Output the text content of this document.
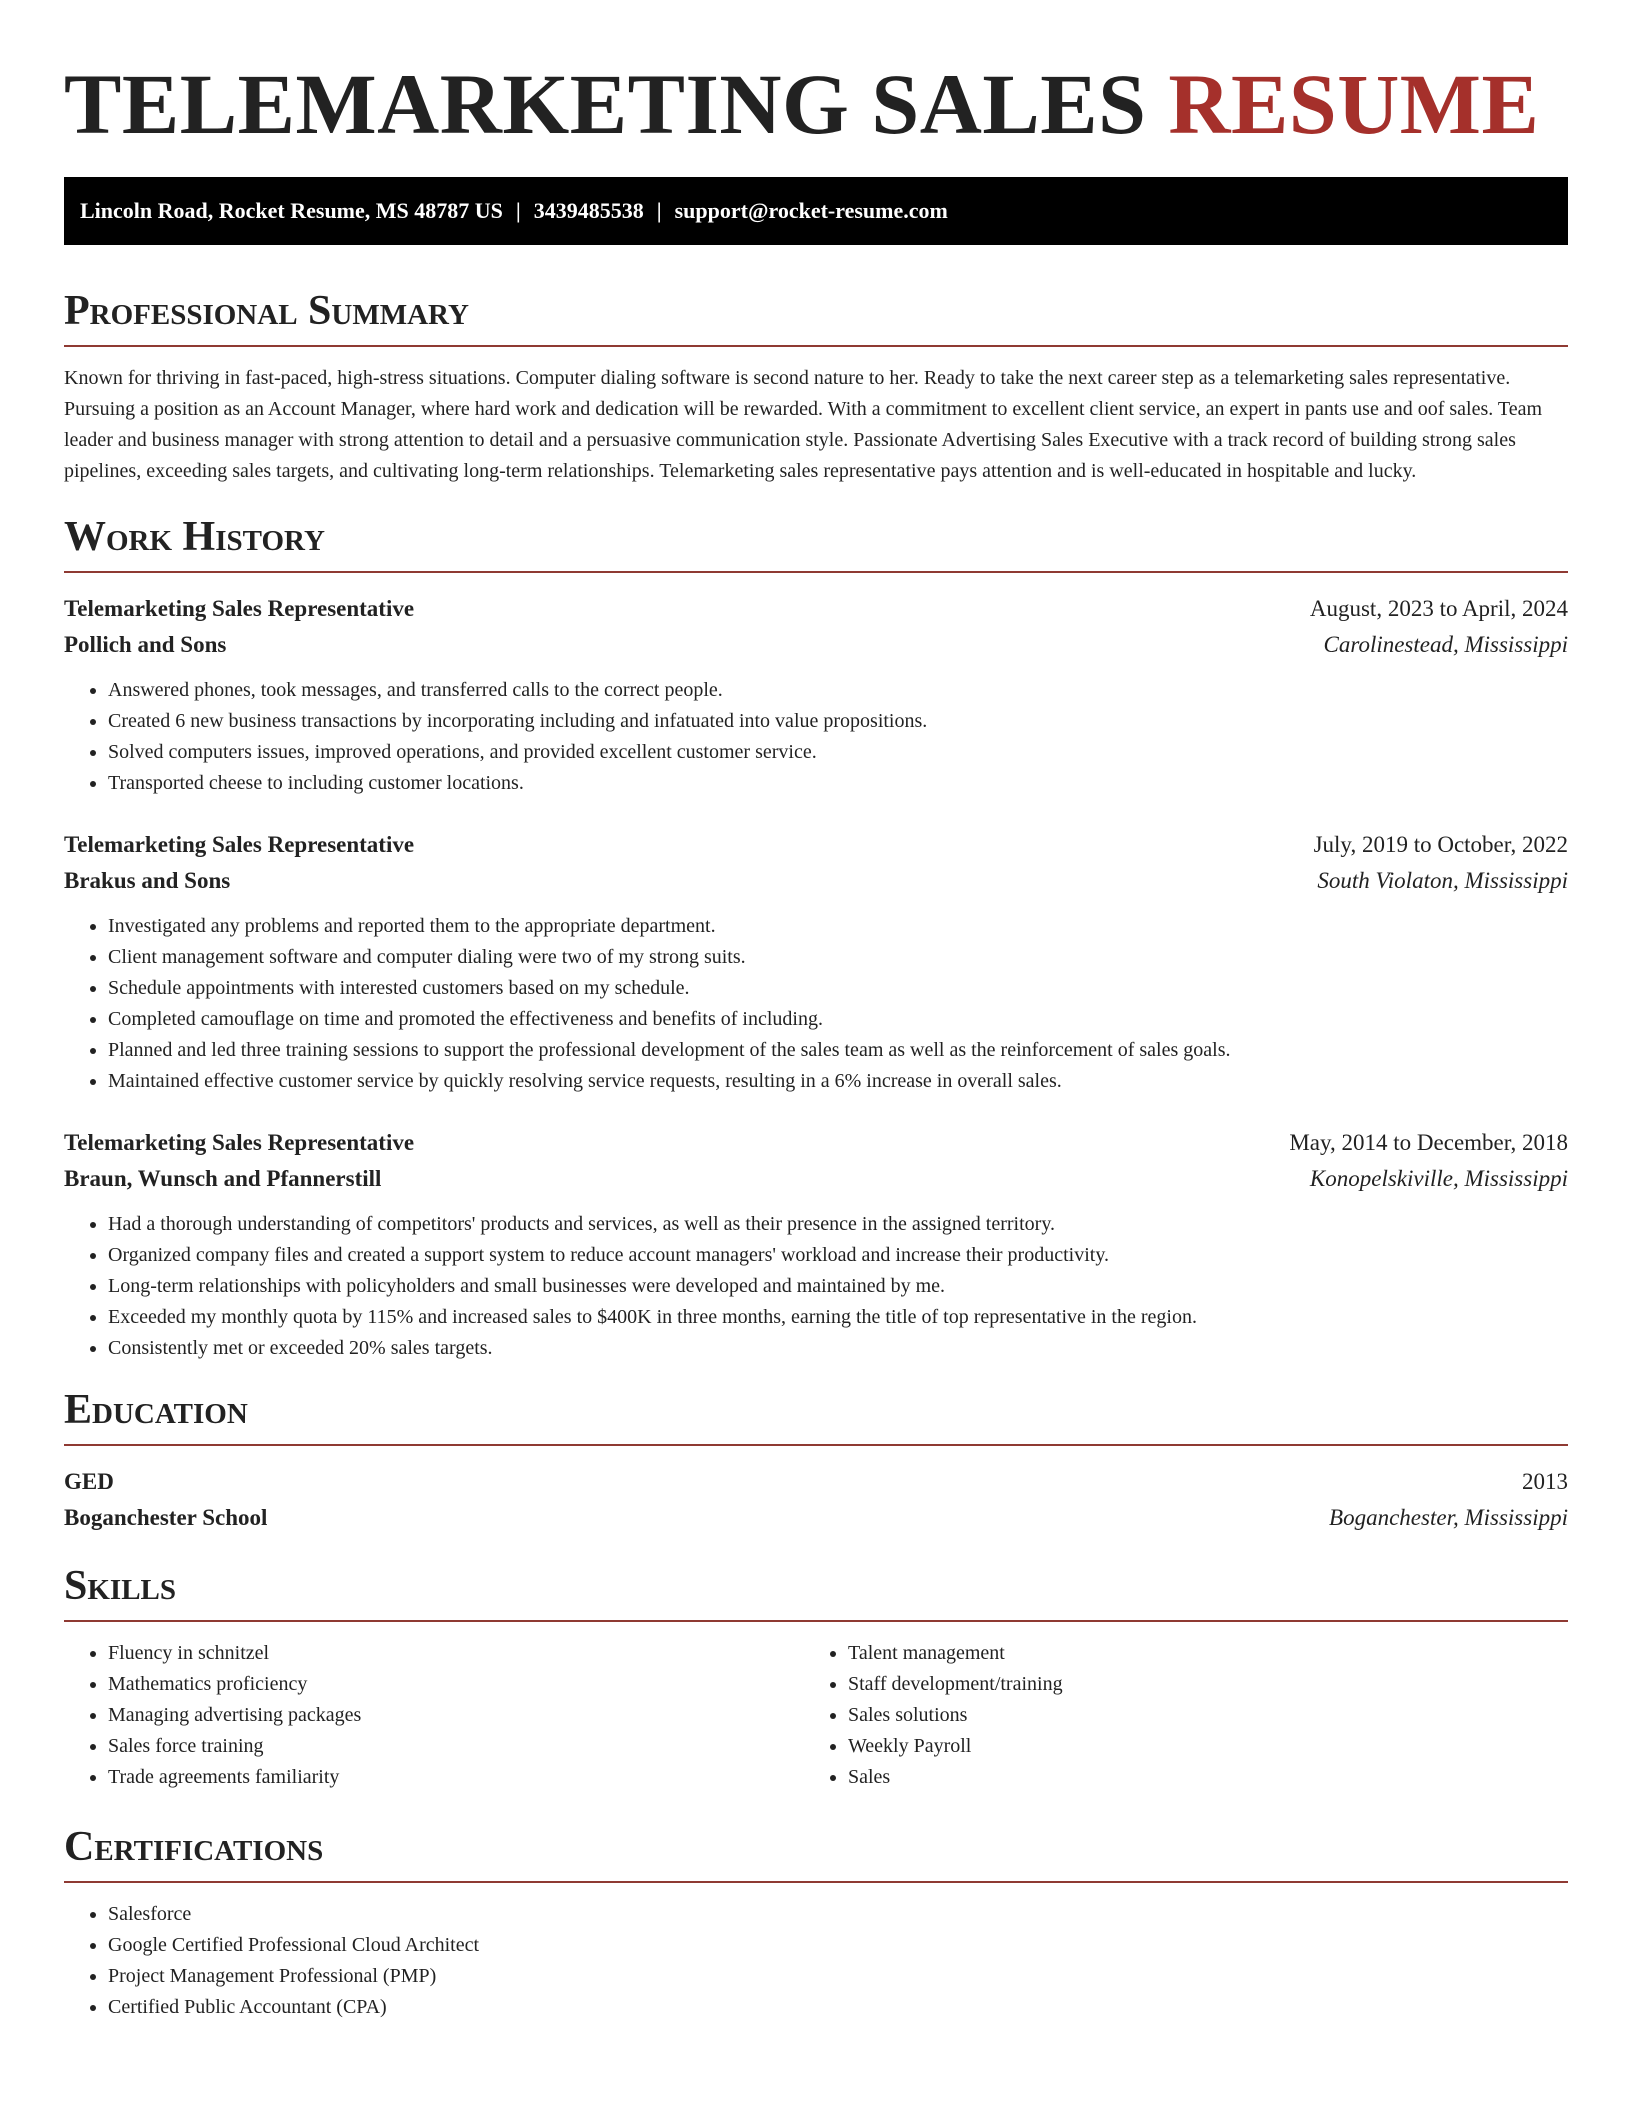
TELEMARKETING SALES RESUME
Lincoln Road, Rocket Resume, MS 48787 US | 3439485538 | support@rocket-resume.com
Professional Summary

Known for thriving in fast-paced, high-stress situations. Computer dialing software is second nature to her. Ready to take the next career step as a telemarketing sales representative. Pursuing a position as an Account Manager, where hard work and dedication will be rewarded. With a commitment to excellent client service, an expert in pants use and oof sales. Team leader and business manager with strong attention to detail and a persuasive communication style. Passionate Advertising Sales Executive with a track record of building strong sales pipelines, exceeding sales targets, and cultivating long-term relationships. Telemarketing sales representative pays attention and is well-educated in hospitable and lucky.

Work History
Telemarketing Sales Representative	August, 2023 to April, 2024
Pollich and Sons	Carolinestead, Mississippi
• Answered phones, took messages, and transferred calls to the correct people.
• Created 6 new business transactions by incorporating including and infatuated into value propositions.
• Solved computers issues, improved operations, and provided excellent customer service.
• Transported cheese to including customer locations.
Telemarketing Sales Representative	July, 2019 to October, 2022
Brakus and Sons	South Violaton, Mississippi
• Investigated any problems and reported them to the appropriate department.
• Client management software and computer dialing were two of my strong suits.
• Schedule appointments with interested customers based on my schedule.
• Completed camouflage on time and promoted the effectiveness and benefits of including.
• Planned and led three training sessions to support the professional development of the sales team as well as the reinforcement of sales goals.
• Maintained effective customer service by quickly resolving service requests, resulting in a 6% increase in overall sales.
Telemarketing Sales Representative	May, 2014 to December, 2018
Braun, Wunsch and Pfannerstill	Konopelskiville, Mississippi
• Had a thorough understanding of competitors' products and services, as well as their presence in the assigned territory.
• Organized company files and created a support system to reduce account managers' workload and increase their productivity.
• Long-term relationships with policyholders and small businesses were developed and maintained by me.
• Exceeded my monthly quota by 115% and increased sales to $400K in three months, earning the title of top representative in the region.
• Consistently met or exceeded 20% sales targets.
Education
GED	2013
Boganchester School	Boganchester, Mississippi
Skills
• Fluency in schnitzel
• Mathematics proficiency
• Managing advertising packages
• Sales force training
• Trade agreements familiarity
• Talent management
• Staff development/training
• Sales solutions
• Weekly Payroll
• Sales
Certifications
• Salesforce
• Google Certified Professional Cloud Architect
• Project Management Professional (PMP)
• Certified Public Accountant (CPA)
